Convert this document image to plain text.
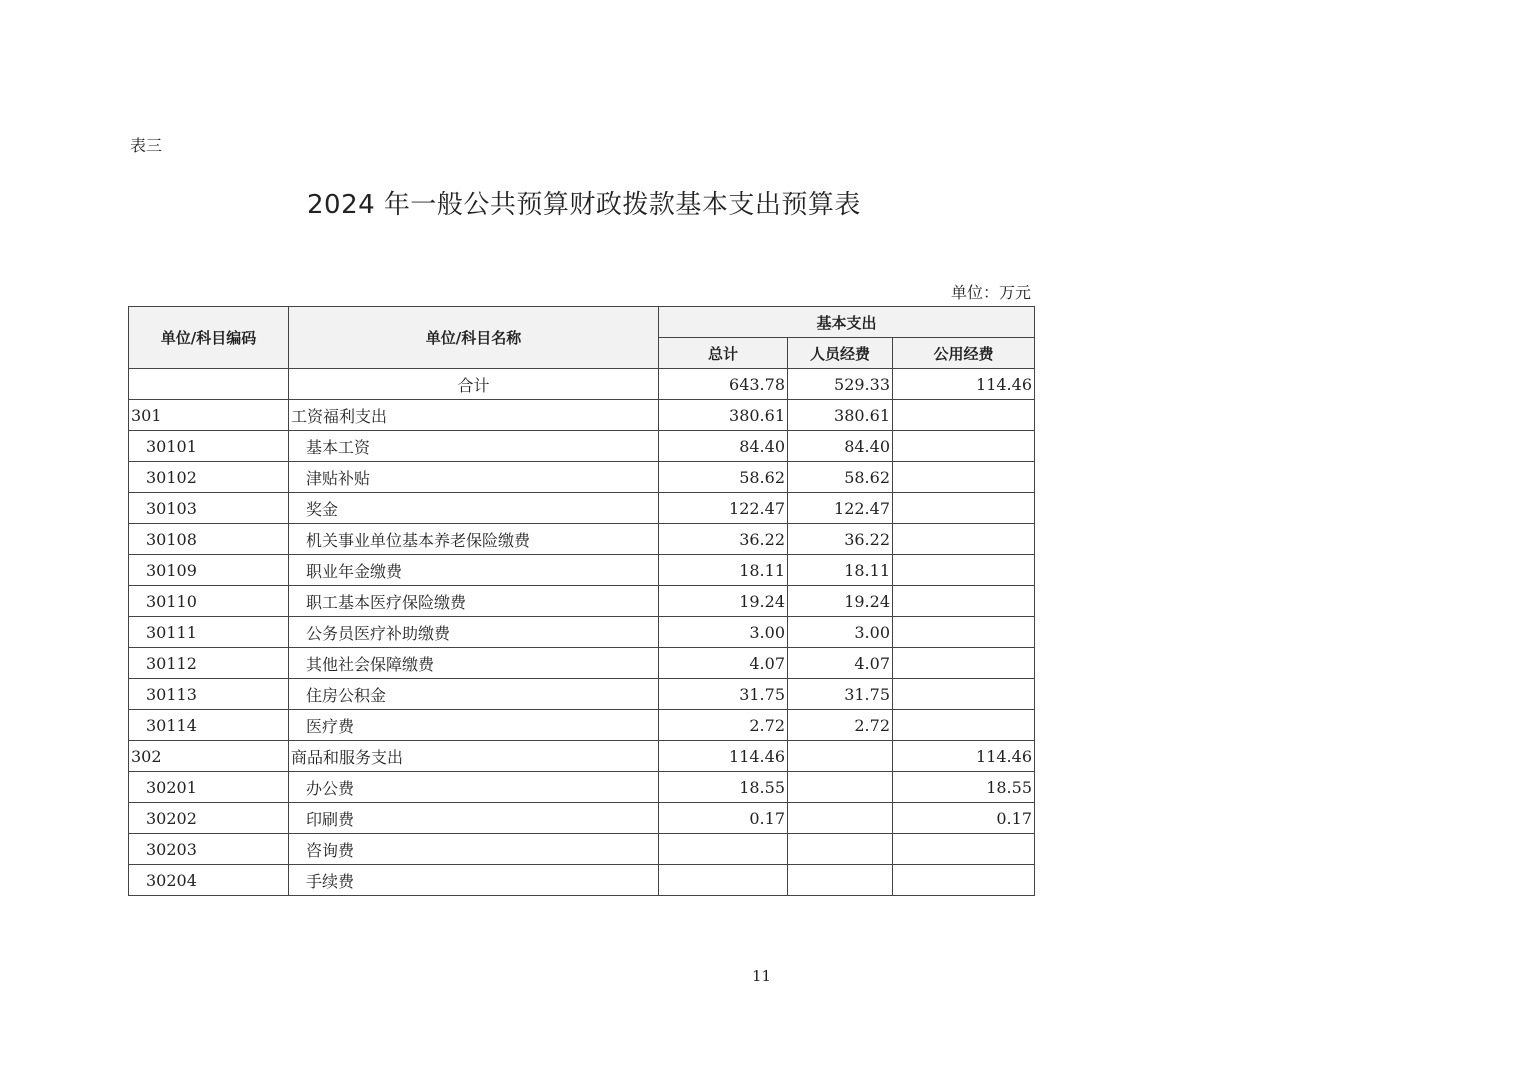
表三
2024 年一般公共预算财政拨款基本支出预算表
单位：万元
单位/科目编码	单位/科目名称	基本支出		
		总计	人员经费	公用经费
	合计	643.78	529.33	114.46
301	工资福利支出	380.61	380.61	
30101	基本工资	84.40	84.40	
30102	津贴补贴	58.62	58.62	
30103	奖金	122.47	122.47	
30108	机关事业单位基本养老保险缴费	36.22	36.22	
30109	职业年金缴费	18.11	18.11	
30110	职工基本医疗保险缴费	19.24	19.24	
30111	公务员医疗补助缴费	3.00	3.00	
30112	其他社会保障缴费	4.07	4.07	
30113	住房公积金	31.75	31.75	
30114	医疗费	2.72	2.72	
302	商品和服务支出	114.46		114.46
30201	办公费	18.55		18.55
30202	印刷费	0.17		0.17
30203	咨询费			
30204	手续费			
11
